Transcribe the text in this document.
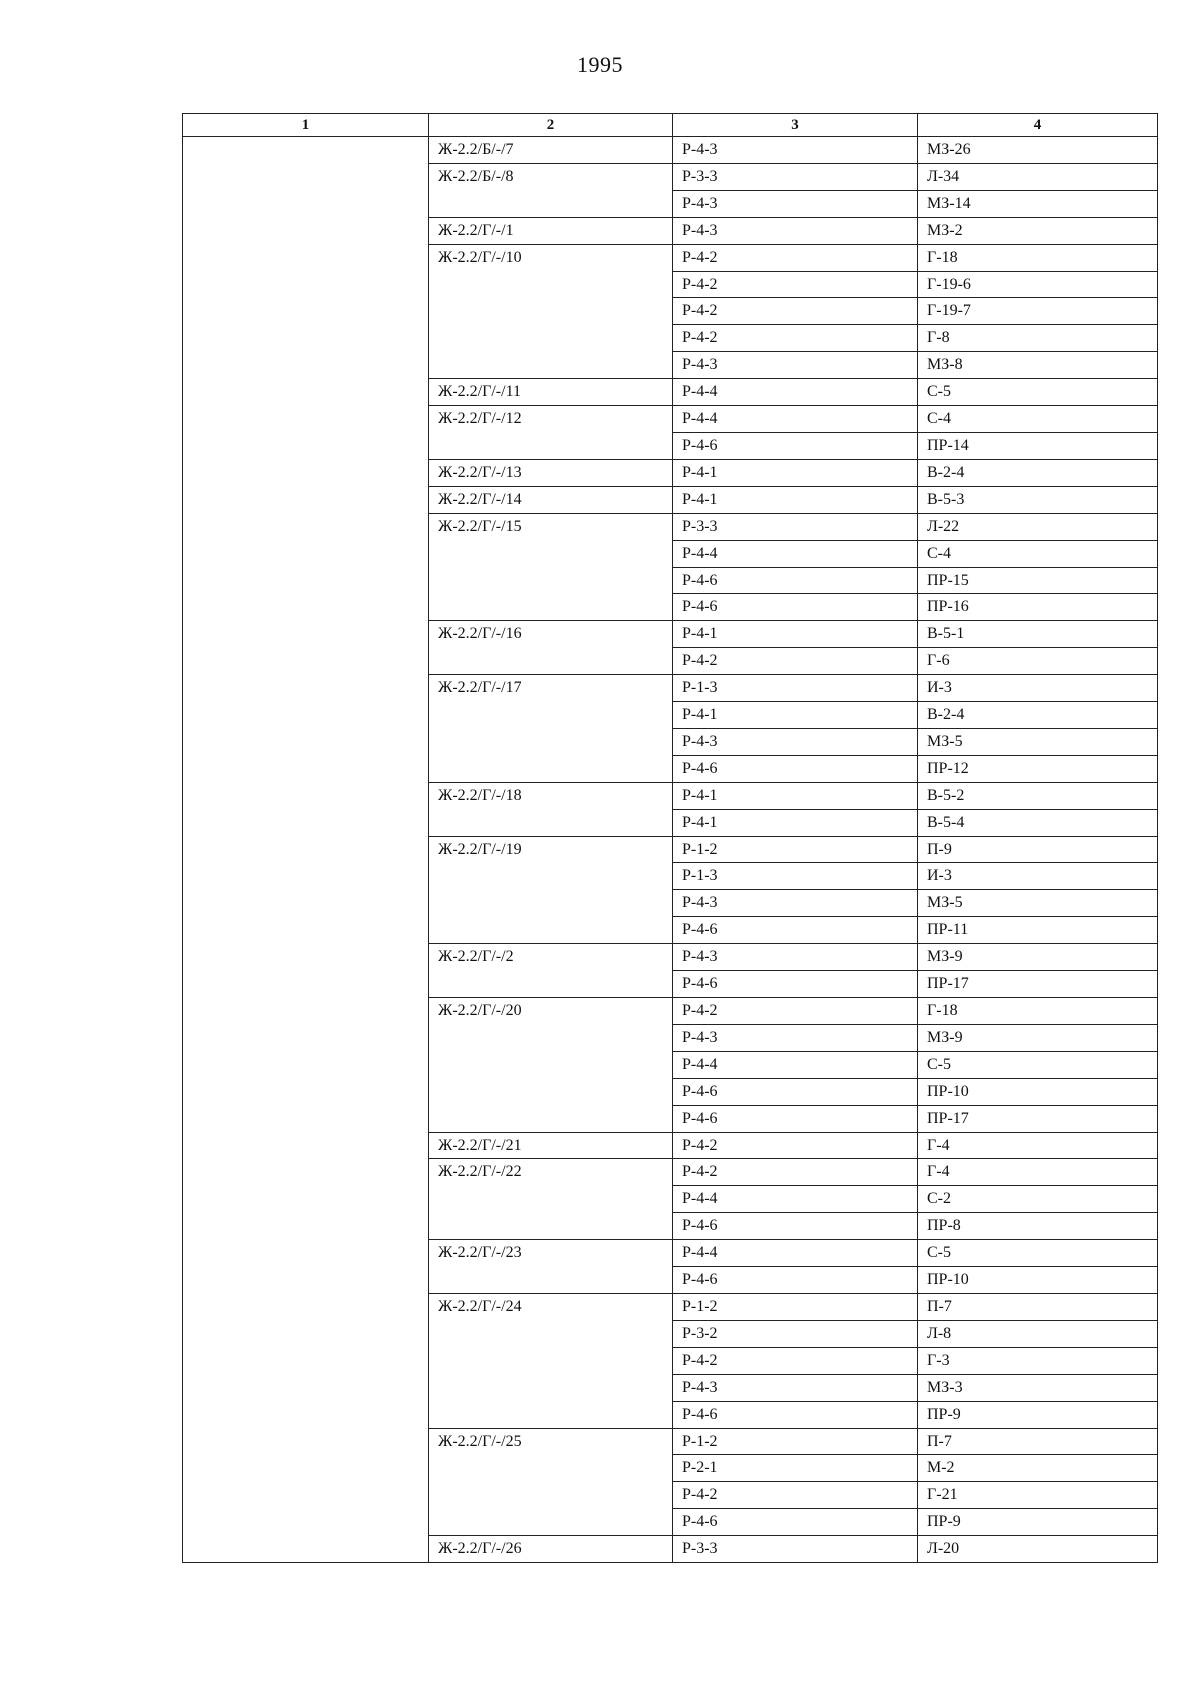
1995
1	2	3	4
	Ж-2.2/Б/-/7	Р-4-3	МЗ-26
	Ж-2.2/Б/-/8	Р-3-3	Л-34
		Р-4-3	МЗ-14
	Ж-2.2/Г/-/1	Р-4-3	МЗ-2
	Ж-2.2/Г/-/10	Р-4-2	Г-18
		Р-4-2	Г-19-6
		Р-4-2	Г-19-7
		Р-4-2	Г-8
		Р-4-3	МЗ-8
	Ж-2.2/Г/-/11	Р-4-4	С-5
	Ж-2.2/Г/-/12	Р-4-4	С-4
		Р-4-6	ПР-14
	Ж-2.2/Г/-/13	Р-4-1	В-2-4
	Ж-2.2/Г/-/14	Р-4-1	В-5-3
	Ж-2.2/Г/-/15	Р-3-3	Л-22
		Р-4-4	С-4
		Р-4-6	ПР-15
		Р-4-6	ПР-16
	Ж-2.2/Г/-/16	Р-4-1	В-5-1
		Р-4-2	Г-6
	Ж-2.2/Г/-/17	Р-1-3	И-3
		Р-4-1	В-2-4
		Р-4-3	МЗ-5
		Р-4-6	ПР-12
	Ж-2.2/Г/-/18	Р-4-1	В-5-2
		Р-4-1	В-5-4
	Ж-2.2/Г/-/19	Р-1-2	П-9
		Р-1-3	И-3
		Р-4-3	МЗ-5
		Р-4-6	ПР-11
	Ж-2.2/Г/-/2	Р-4-3	МЗ-9
		Р-4-6	ПР-17
	Ж-2.2/Г/-/20	Р-4-2	Г-18
		Р-4-3	МЗ-9
		Р-4-4	С-5
		Р-4-6	ПР-10
		Р-4-6	ПР-17
	Ж-2.2/Г/-/21	Р-4-2	Г-4
	Ж-2.2/Г/-/22	Р-4-2	Г-4
		Р-4-4	С-2
		Р-4-6	ПР-8
	Ж-2.2/Г/-/23	Р-4-4	С-5
		Р-4-6	ПР-10
	Ж-2.2/Г/-/24	Р-1-2	П-7
		Р-3-2	Л-8
		Р-4-2	Г-3
		Р-4-3	МЗ-3
		Р-4-6	ПР-9
	Ж-2.2/Г/-/25	Р-1-2	П-7
		Р-2-1	М-2
		Р-4-2	Г-21
		Р-4-6	ПР-9
	Ж-2.2/Г/-/26	Р-3-3	Л-20
